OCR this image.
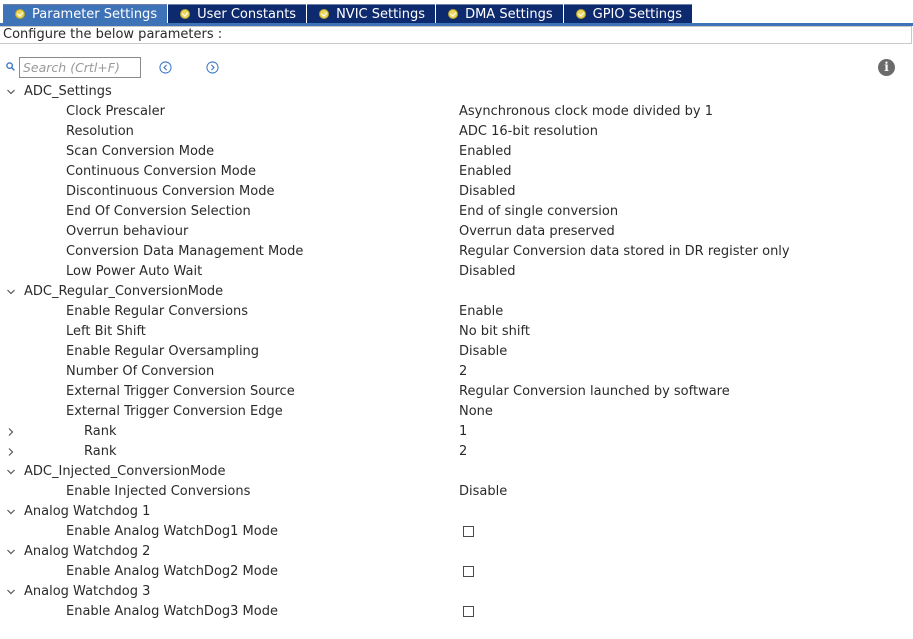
Parameter Settings	User Constants	NVIC Settings	DMA Settings	GPIO Settings
Configure the below parameters :
Search (Crtl+F)
i
ADC_Settings
Clock Prescaler	Asynchronous clock mode divided by 1
Resolution	ADC 16-bit resolution
Scan Conversion Mode	Enabled
Continuous Conversion Mode	Enabled
Discontinuous Conversion Mode	Disabled
End Of Conversion Selection	End of single conversion
Overrun behaviour	Overrun data preserved
Conversion Data Management Mode	Regular Conversion data stored in DR register only
Low Power Auto Wait	Disabled
ADC_Regular_ConversionMode
Enable Regular Conversions	Enable
Left Bit Shift	No bit shift
Enable Regular Oversampling	Disable
Number Of Conversion	2
External Trigger Conversion Source	Regular Conversion launched by software
External Trigger Conversion Edge	None
Rank	1
Rank	2
ADC_Injected_ConversionMode
Enable Injected Conversions	Disable
Analog Watchdog 1
Enable Analog WatchDog1 Mode
Analog Watchdog 2
Enable Analog WatchDog2 Mode
Analog Watchdog 3
Enable Analog WatchDog3 Mode
